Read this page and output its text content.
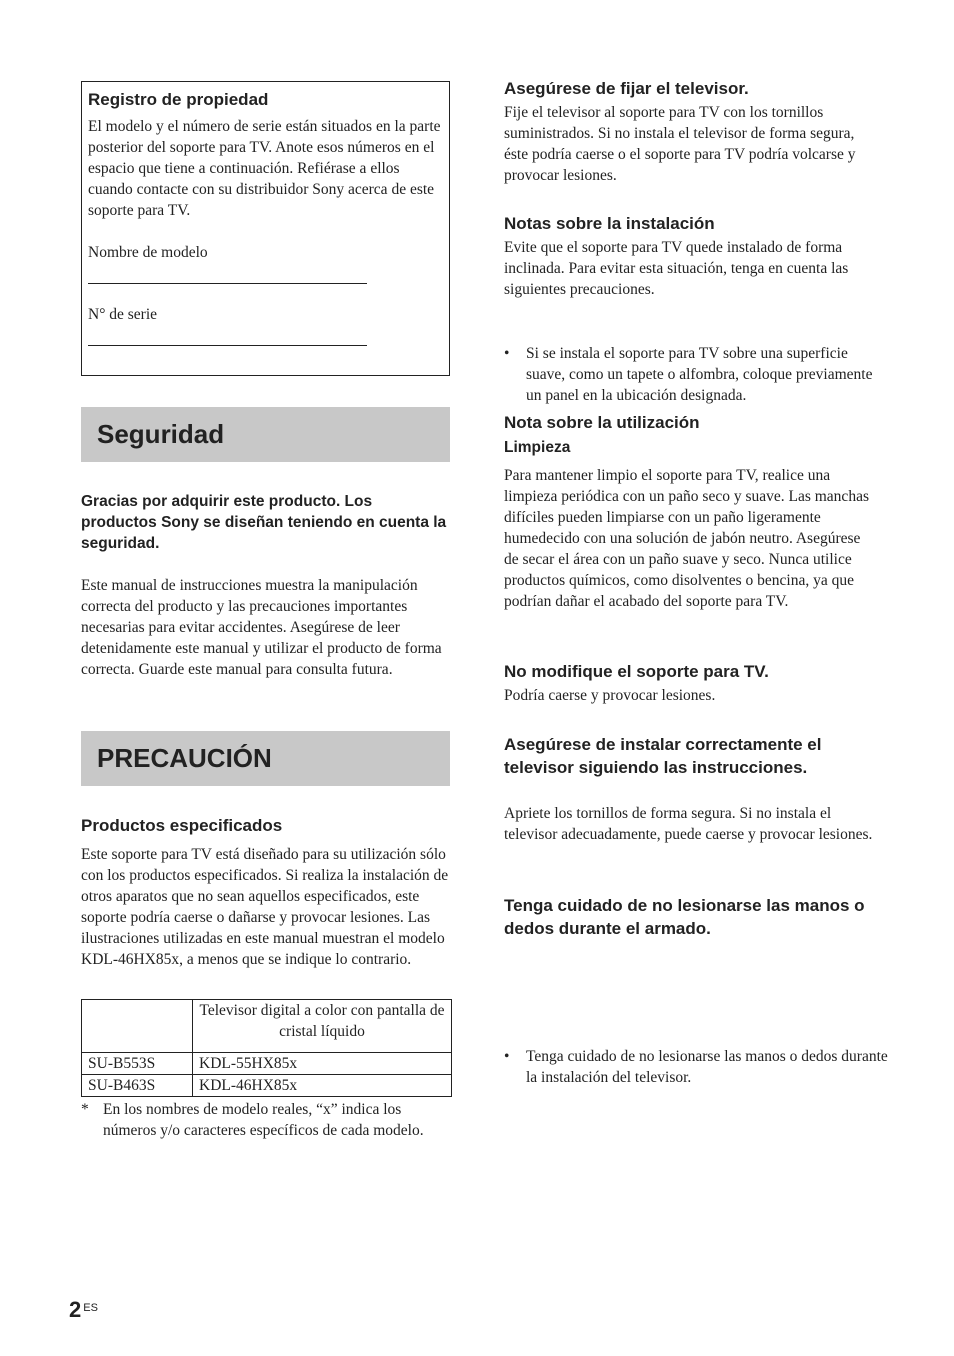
Registro de propiedad

El modelo y el número de serie están situados en la parte posterior del soporte para TV. Anote esos números en el espacio que tiene a continuación. Refiérase a ellos cuando contacte con su distribuidor Sony acerca de este soporte para TV.

Nombre de modelo

N° de serie

Seguridad

Gracias por adquirir este producto. Los productos Sony se diseñan teniendo en cuenta la seguridad.

Este manual de instrucciones muestra la manipulación correcta del producto y las precauciones importantes necesarias para evitar accidentes. Asegúrese de leer detenidamente este manual y utilizar el producto de forma correcta. Guarde este manual para consulta futura.

PRECAUCIÓN

Productos especificados

Este soporte para TV está diseñado para su utilización sólo con los productos especificados. Si realiza la instalación de otros aparatos que no sean aquellos especificados, este soporte podría caerse o dañarse y provocar lesiones. Las ilustraciones utilizadas en este manual muestran el modelo KDL-46HX85x, a menos que se indique lo contrario.

	Televisor digital a color con pantalla de cristal líquido
SU-B553S	KDL-55HX85x
SU-B463S	KDL-46HX85x
* En los nombres de modelo reales, “x” indica los números y/o caracteres específicos de cada modelo.

Asegúrese de fijar el televisor.

Fije el televisor al soporte para TV con los tornillos suministrados. Si no instala el televisor de forma segura, éste podría caerse o el soporte para TV podría volcarse y provocar lesiones.

Notas sobre la instalación

Evite que el soporte para TV quede instalado de forma inclinada. Para evitar esta situación, tenga en cuenta las siguientes precauciones.

• Si se instala el soporte para TV sobre una superficie suave, como un tapete o alfombra, coloque previamente un panel en la ubicación designada.

Nota sobre la utilización

Limpieza

Para mantener limpio el soporte para TV, realice una limpieza periódica con un paño seco y suave. Las manchas difíciles pueden limpiarse con un paño ligeramente humedecido con una solución de jabón neutro. Asegúrese de secar el área con un paño suave y seco. Nunca utilice productos químicos, como disolventes o bencina, ya que podrían dañar el acabado del soporte para TV.

No modifique el soporte para TV.

Podría caerse y provocar lesiones.

Asegúrese de instalar correctamente el televisor siguiendo las instrucciones.

Apriete los tornillos de forma segura. Si no instala el televisor adecuadamente, puede caerse y provocar lesiones.

Tenga cuidado de no lesionarse las manos o dedos durante el armado.

• Tenga cuidado de no lesionarse las manos o dedos durante la instalación del televisor.
2 $^{ES}$
